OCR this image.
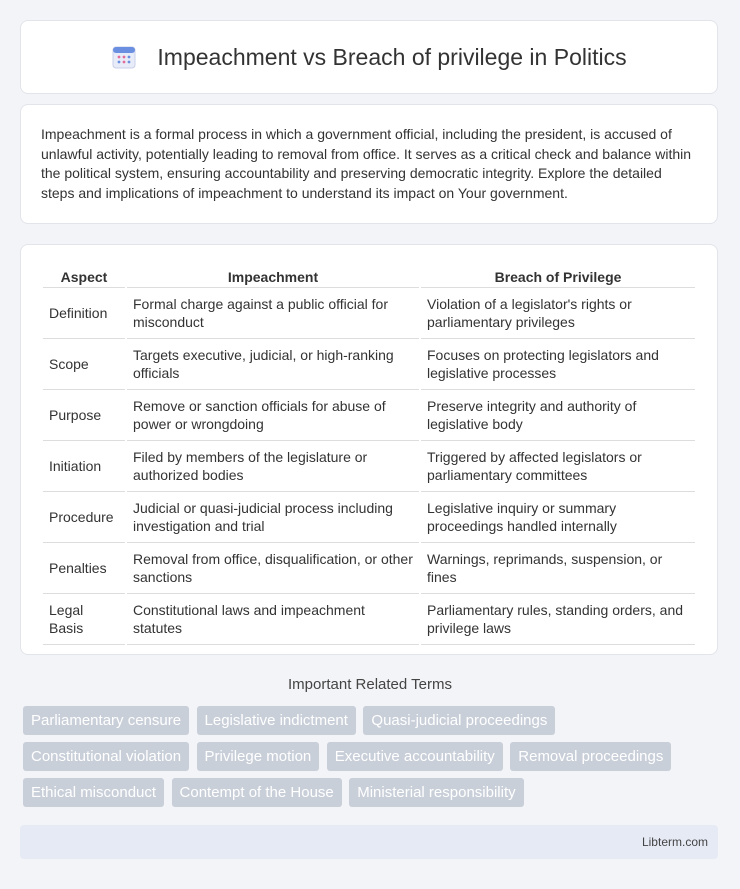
Impeachment vs Breach of privilege in Politics

Impeachment is a formal process in which a government official, including the president, is accused of unlawful activity, potentially leading to removal from office. It serves as a critical check and balance within the political system, ensuring accountability and preserving democratic integrity. Explore the detailed steps and implications of impeachment to understand its impact on Your government.

Aspect	Impeachment	Breach of Privilege
Definition	Formal charge against a public official for misconduct	Violation of a legislator's rights or parliamentary privileges
Scope	Targets executive, judicial, or high-ranking officials	Focuses on protecting legislators and legislative processes
Purpose	Remove or sanction officials for abuse of power or wrongdoing	Preserve integrity and authority of legislative body
Initiation	Filed by members of the legislature or authorized bodies	Triggered by affected legislators or parliamentary committees
Procedure	Judicial or quasi-judicial process including investigation and trial	Legislative inquiry or summary proceedings handled internally
Penalties	Removal from office, disqualification, or other sanctions	Warnings, reprimands, suspension, or fines
Legal Basis	Constitutional laws and impeachment statutes	Parliamentary rules, standing orders, and privilege laws
Important Related Terms
Parliamentary censure Legislative indictment Quasi-judicial proceedings Constitutional violation Privilege motion Executive accountability Removal proceedings Ethical misconduct Contempt of the House Ministerial responsibility
Libterm.com
